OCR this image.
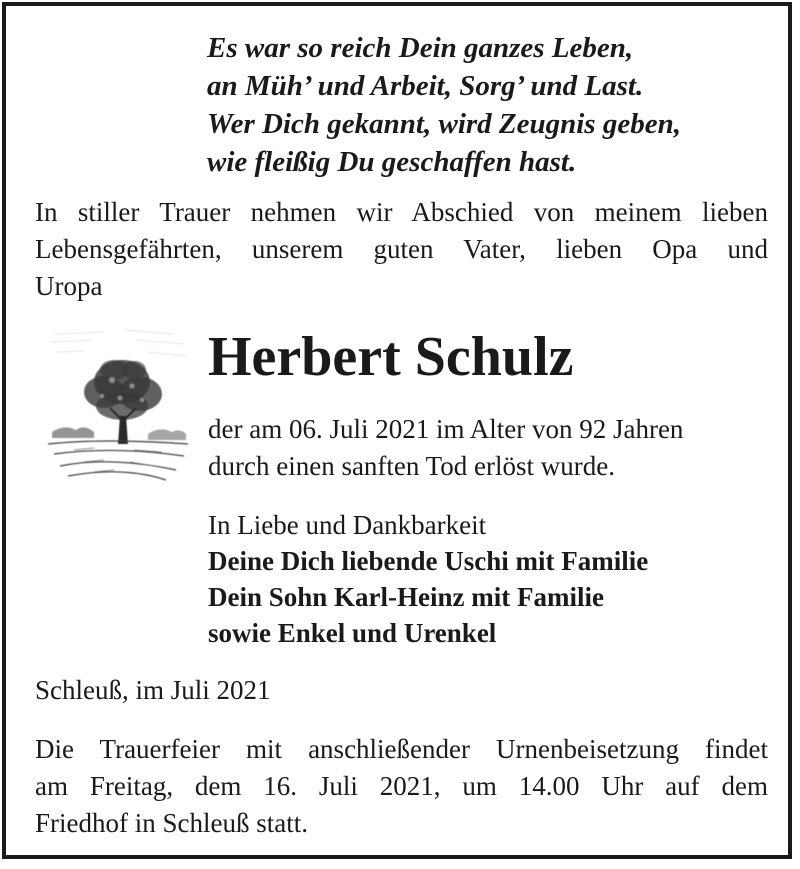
Es war so reich Dein ganzes Leben,

an Müh’ und Arbeit, Sorg’ und Last.

Wer Dich gekannt, wird Zeugnis geben,

wie fleißig Du geschaffen hast.

In stiller Trauer nehmen wir Abschied von meinem lieben
Lebensgefährten, unserem guten Vater, lieben Opa und

Uropa

Herbert Schulz

der am 06. Juli 2021 im Alter von 92 Jahren

durch einen sanften Tod erlöst wurde.

In Liebe und Dankbarkeit

Deine Dich liebende Uschi mit Familie

Dein Sohn Karl-Heinz mit Familie

sowie Enkel und Urenkel

Schleuß, im Juli 2021

Die Trauerfeier mit anschließender Urnenbeisetzung findet
am Freitag, dem 16. Juli 2021, um 14.00 Uhr auf dem

Friedhof in Schleuß statt.
